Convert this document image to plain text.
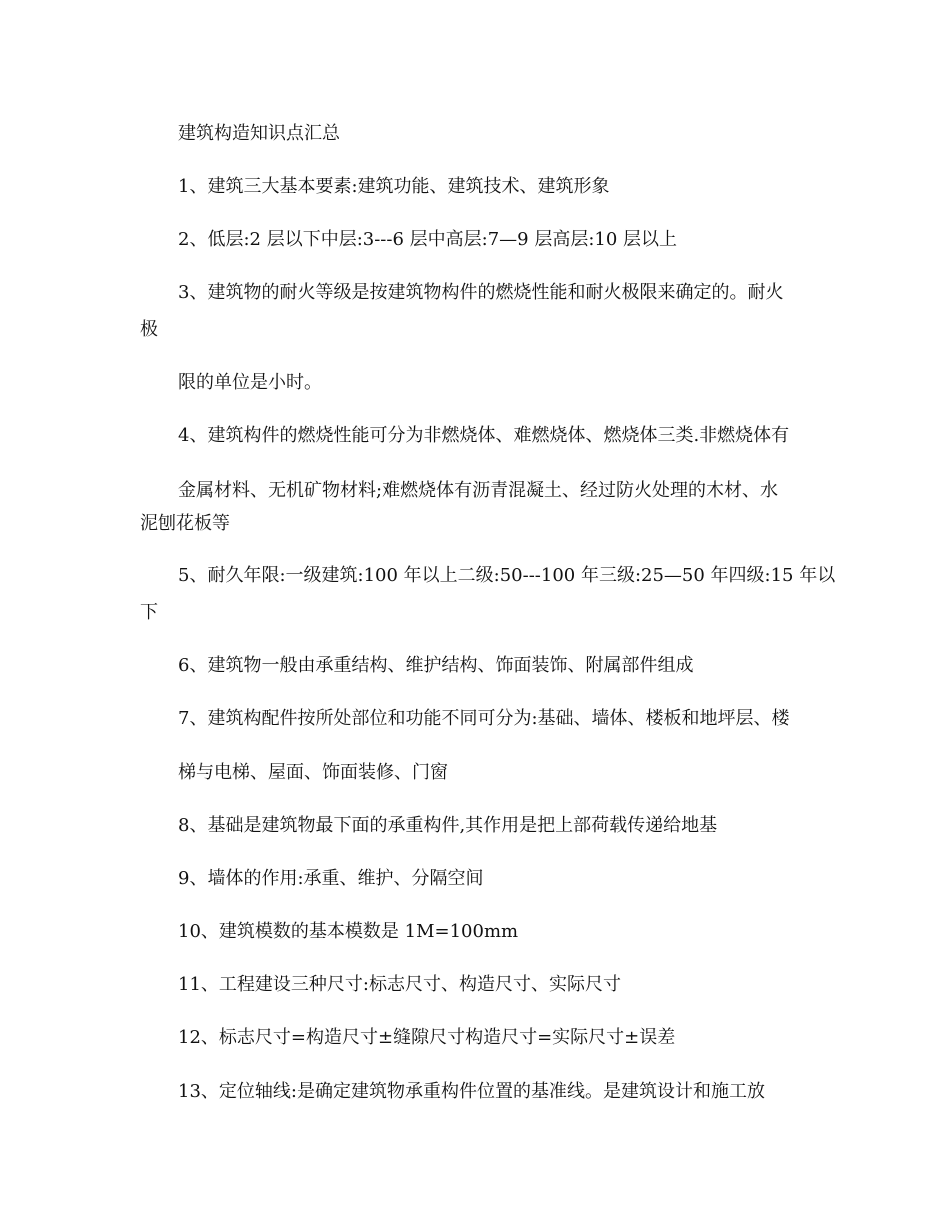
建筑构造知识点汇总
1、建筑三大基本要素:建筑功能、建筑技术、建筑形象
2、低层:2 层以下中层:3---6 层中高层:7—9 层高层:10 层以上
3、建筑物的耐火等级是按建筑物构件的燃烧性能和耐火极限来确定的。耐火
极
限的单位是小时。
4、建筑构件的燃烧性能可分为非燃烧体、难燃烧体、燃烧体三类.非燃烧体有
金属材料、无机矿物材料;难燃烧体有沥青混凝土、经过防火处理的木材、水
泥刨花板等
5、耐久年限:一级建筑:100 年以上二级:50---100 年三级:25—50 年四级:15 年以
下
6、建筑物一般由承重结构、维护结构、饰面装饰、附属部件组成
7、建筑构配件按所处部位和功能不同可分为:基础、墙体、楼板和地坪层、楼
梯与电梯、屋面、饰面装修、门窗
8、基础是建筑物最下面的承重构件,其作用是把上部荷载传递给地基
9、墙体的作用:承重、维护、分隔空间
10、建筑模数的基本模数是 1M=100mm
11、工程建设三种尺寸:标志尺寸、构造尺寸、实际尺寸
12、标志尺寸=构造尺寸±缝隙尺寸构造尺寸=实际尺寸±误差
13、定位轴线:是确定建筑物承重构件位置的基准线。是建筑设计和施工放
